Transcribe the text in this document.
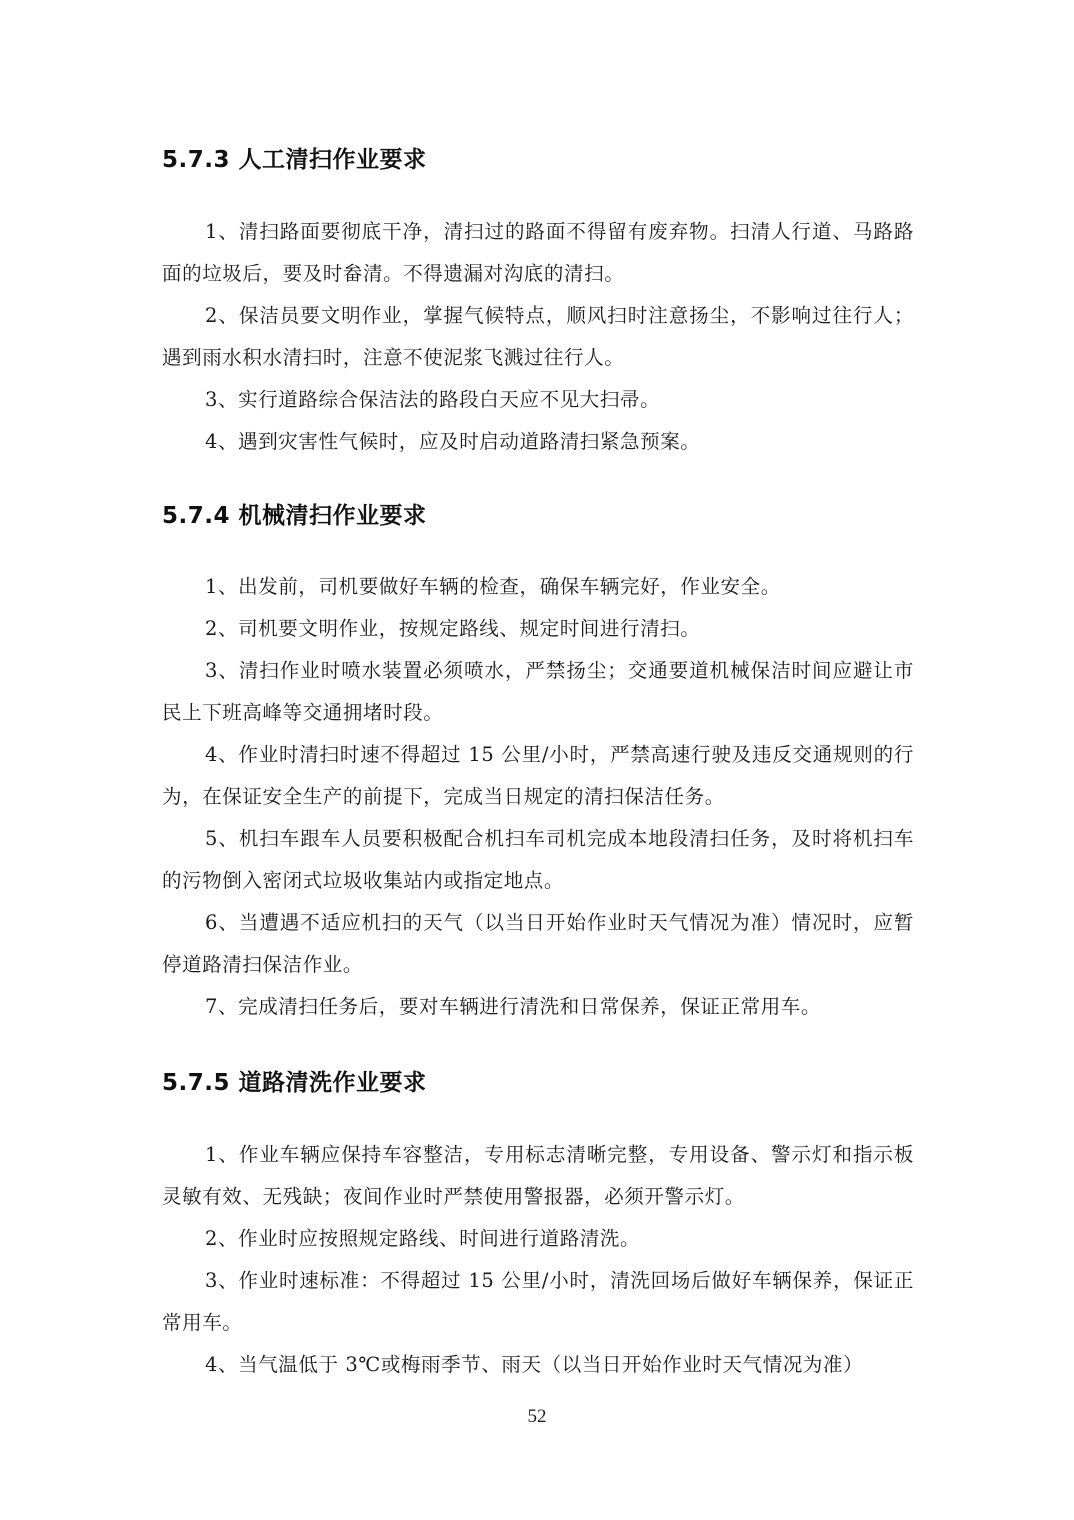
5.7.3 人工清扫作业要求

1、清扫路面要彻底干净，清扫过的路面不得留有废弃物。扫清人行道、马路路面的垃圾后，要及时畚清。不得遗漏对沟底的清扫。

2、保洁员要文明作业，掌握气候特点，顺风扫时注意扬尘，不影响过往行人；遇到雨水积水清扫时，注意不使泥浆飞溅过往行人。

3、实行道路综合保洁法的路段白天应不见大扫帚。

4、遇到灾害性气候时，应及时启动道路清扫紧急预案。

5.7.4 机械清扫作业要求

1、出发前，司机要做好车辆的检查，确保车辆完好，作业安全。

2、司机要文明作业，按规定路线、规定时间进行清扫。

3、清扫作业时喷水装置必须喷水，严禁扬尘；交通要道机械保洁时间应避让市民上下班高峰等交通拥堵时段。

4、作业时清扫时速不得超过 15 公里/小时，严禁高速行驶及违反交通规则的行为，在保证安全生产的前提下，完成当日规定的清扫保洁任务。

5、机扫车跟车人员要积极配合机扫车司机完成本地段清扫任务，及时将机扫车的污物倒入密闭式垃圾收集站内或指定地点。

6、当遭遇不适应机扫的天气（以当日开始作业时天气情况为准）情况时，应暂停道路清扫保洁作业。

7、完成清扫任务后，要对车辆进行清洗和日常保养，保证正常用车。

5.7.5 道路清洗作业要求

1、作业车辆应保持车容整洁，专用标志清晰完整，专用设备、警示灯和指示板灵敏有效、无残缺；夜间作业时严禁使用警报器，必须开警示灯。

2、作业时应按照规定路线、时间进行道路清洗。

3、作业时速标准：不得超过 15 公里/小时，清洗回场后做好车辆保养，保证正常用车。

4、当气温低于 3℃或梅雨季节、雨天（以当日开始作业时天气情况为准）

52
